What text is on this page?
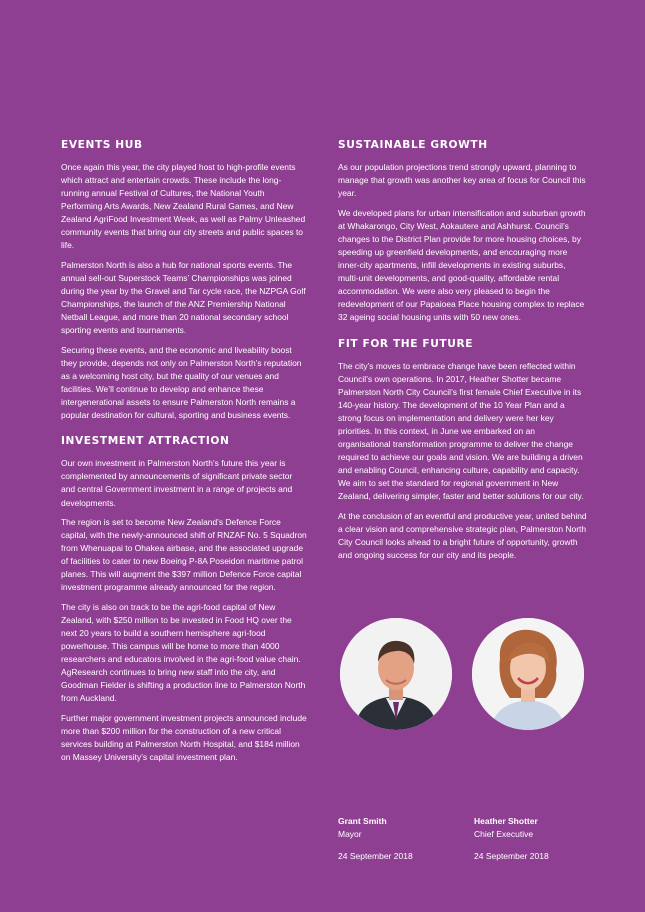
EVENTS HUB

Once again this year, the city played host to high-profile events which attract and entertain crowds. These include the long-running annual Festival of Cultures, the National Youth Performing Arts Awards, New Zealand Rural Games, and New Zealand AgriFood Investment Week, as well as Palmy Unleashed community events that bring our city streets and public spaces to life.

Palmerston North is also a hub for national sports events. The annual sell-out Superstock Teams’ Championships was joined during the year by the Gravel and Tar cycle race, the NZPGA Golf Championships, the launch of the ANZ Premiership National Netball League, and more than 20 national secondary school sporting events and tournaments.

Securing these events, and the economic and liveability boost they provide, depends not only on Palmerston North’s reputation as a welcoming host city, but the quality of our venues and facilities. We’ll continue to develop and enhance these intergenerational assets to ensure Palmerston North remains a popular destination for cultural, sporting and business events.

INVESTMENT ATTRACTION

Our own investment in Palmerston North’s future this year is complemented by announcements of significant private sector and central Government investment in a range of projects and developments.

The region is set to become New Zealand’s Defence Force capital, with the newly-announced shift of RNZAF No. 5 Squadron from Whenuapai to Ohakea airbase, and the associated upgrade of facilities to cater to new Boeing P-8A Poseidon maritime patrol planes. This will augment the $397 million Defence Force capital investment programme already announced for the region.

The city is also on track to be the agri-food capital of New Zealand, with $250 million to be invested in Food HQ over the next 20 years to build a southern hemisphere agri-food powerhouse. This campus will be home to more than 4000 researchers and educators involved in the agri-food value chain. AgResearch continues to bring new staff into the city, and Goodman Fielder is shifting a production line to Palmerston North from Auckland.

Further major government investment projects announced include more than $200 million for the construction of a new critical services building at Palmerston North Hospital, and $184 million on Massey University’s capital investment plan.

SUSTAINABLE GROWTH

As our population projections trend strongly upward, planning to manage that growth was another key area of focus for Council this year.

We developed plans for urban intensification and suburban growth at Whakarongo, City West, Aokautere and Ashhurst. Council’s changes to the District Plan provide for more housing choices, by speeding up greenfield developments, and encouraging more inner-city apartments, infill developments in existing suburbs, multi-unit developments, and good-quality, affordable rental accommodation. We were also very pleased to begin the redevelopment of our Papaioea Place housing complex to replace 32 ageing social housing units with 50 new ones.

FIT FOR THE FUTURE

The city’s moves to embrace change have been reflected within Council’s own operations. In 2017, Heather Shotter became Palmerston North City Council’s first female Chief Executive in its 140-year history. The development of the 10 Year Plan and a strong focus on implementation and delivery were her key priorities. In this context, in June we embarked on an organisational transformation programme to deliver the change required to achieve our goals and vision. We are building a driven and enabling Council, enhancing culture, capability and capacity. We aim to set the standard for regional government in New Zealand, delivering simpler, faster and better solutions for our city.

At the conclusion of an eventful and productive year, united behind a clear vision and comprehensive strategic plan, Palmerston North City Council looks ahead to a bright future of opportunity, growth and ongoing success for our city and its people.

Grant Smith
Mayor
24 September 2018
Heather Shotter
Chief Executive
24 September 2018
